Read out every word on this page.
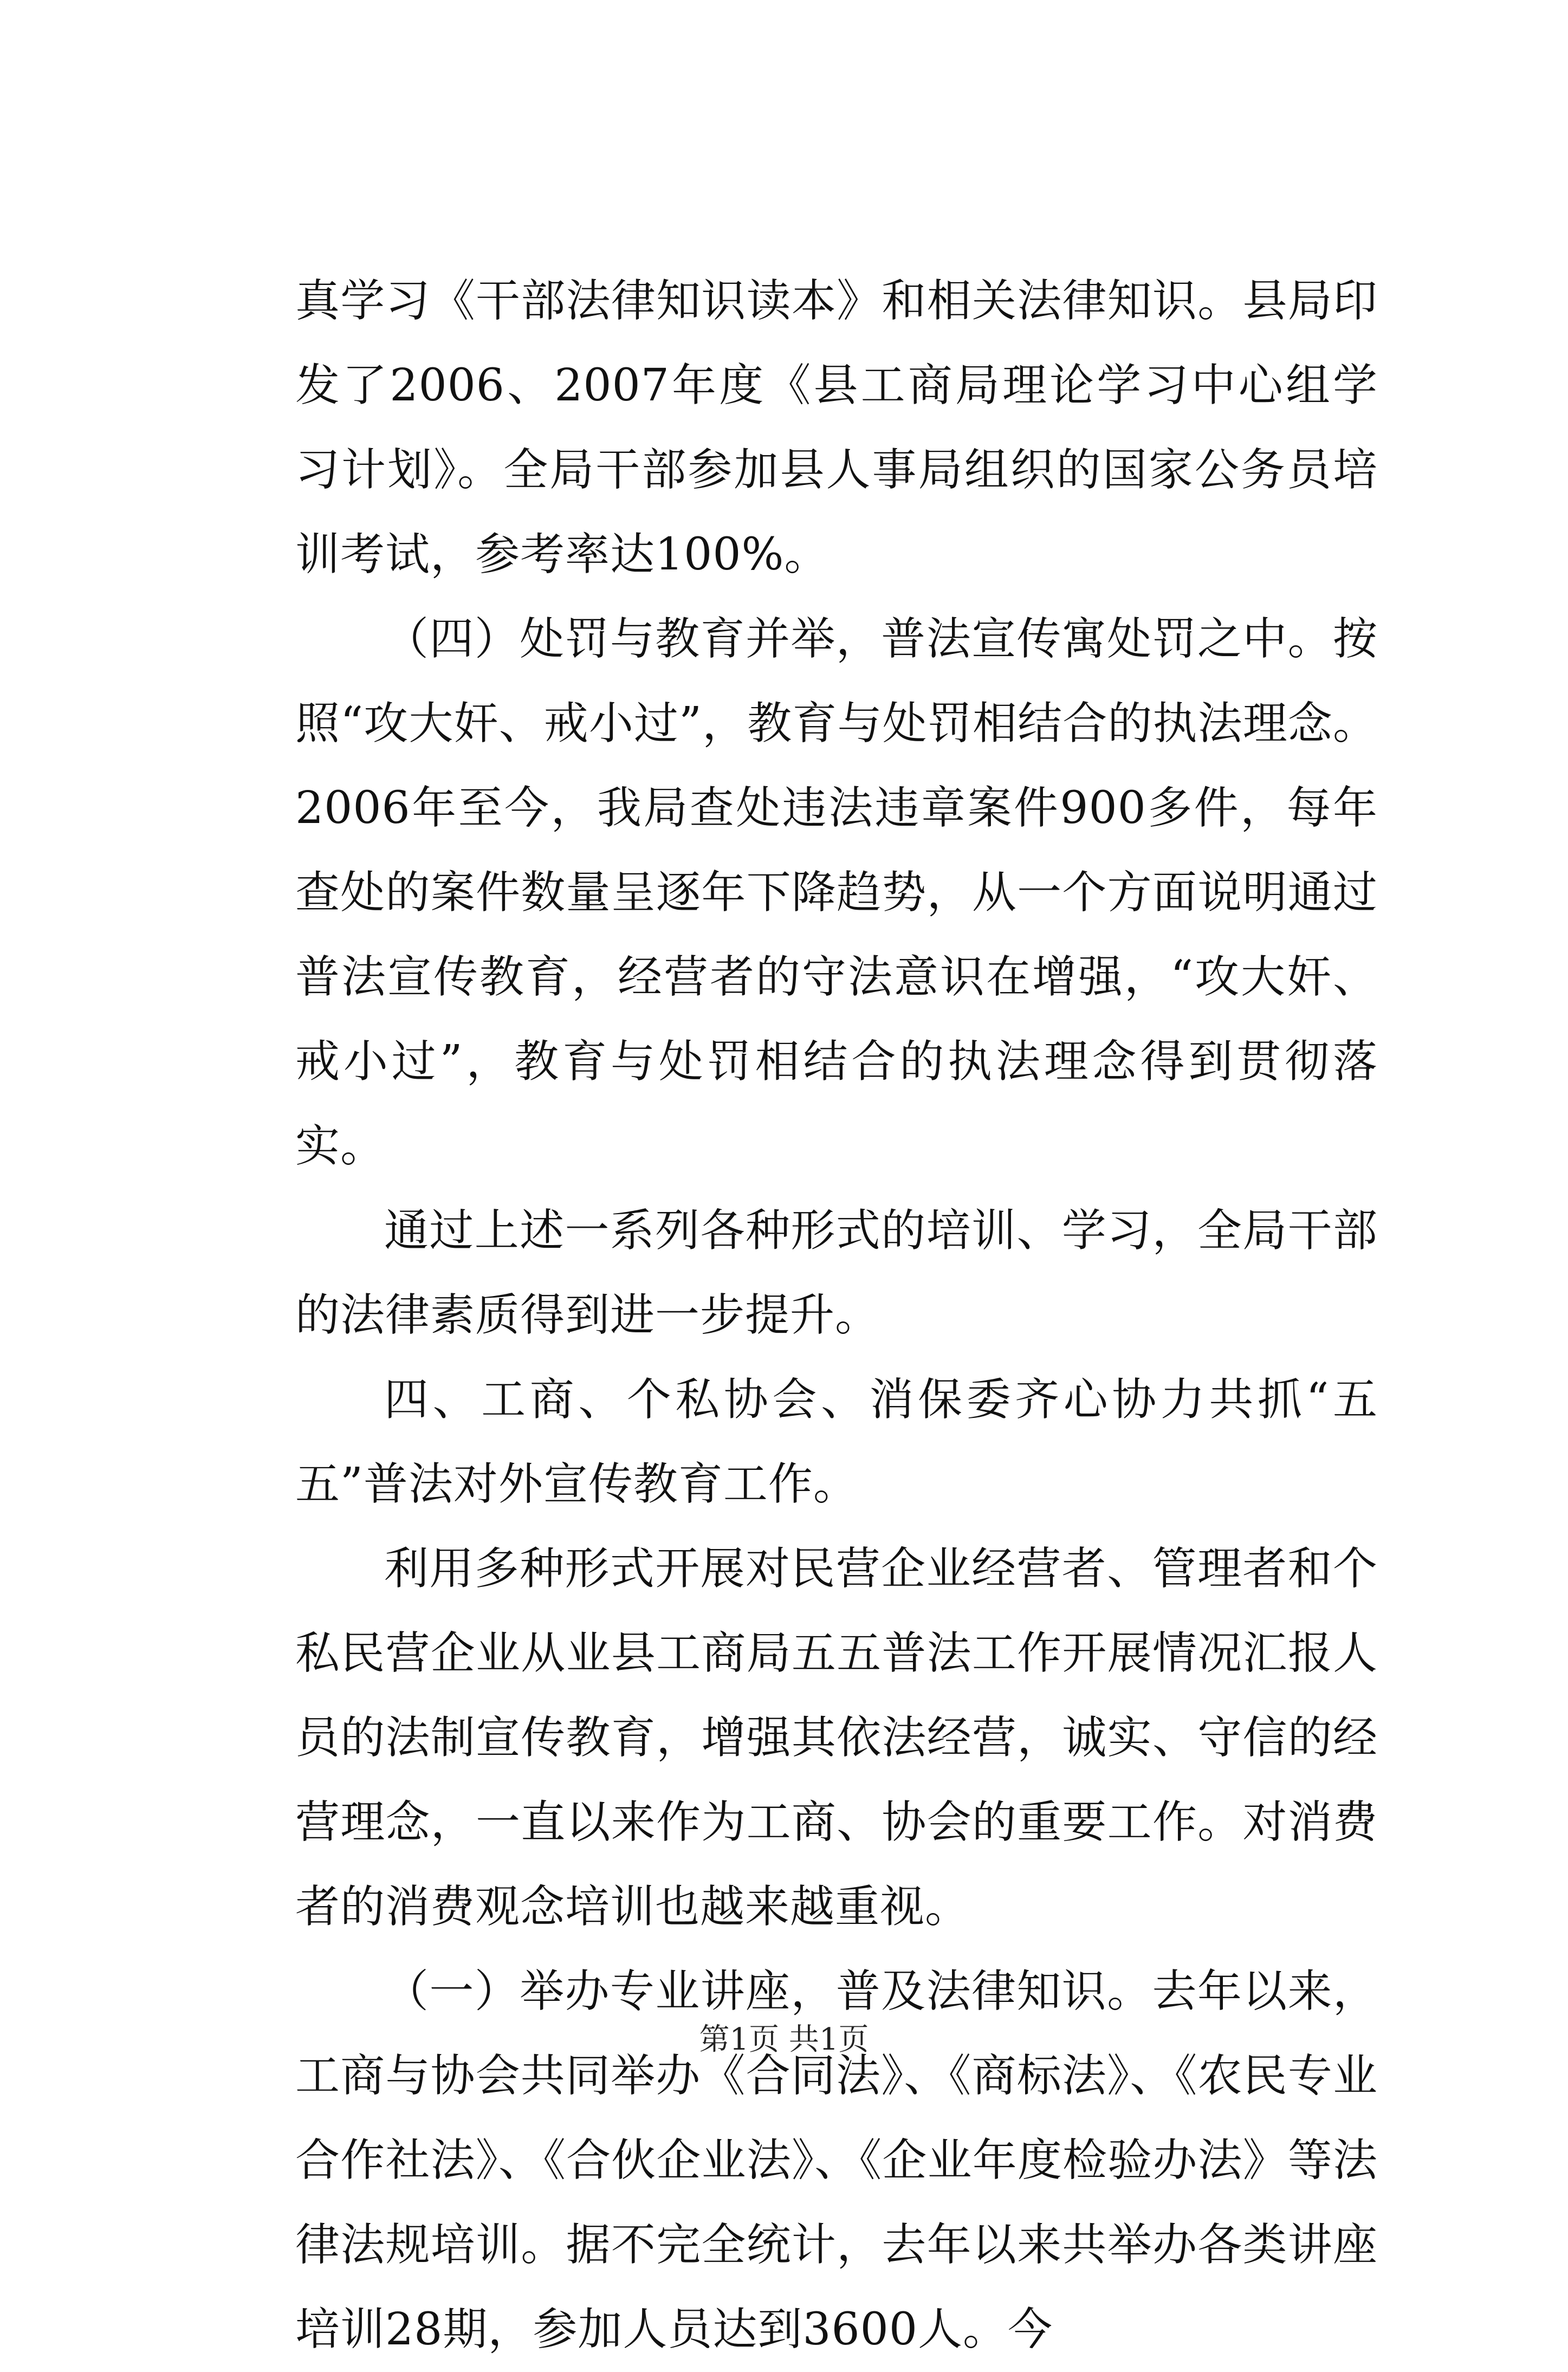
真学习《干部法律知识读本》和相关法律知识。县局印发了2006、2007年度《县工商局理论学习中心组学习计划》。全局干部参加县人事局组织的国家公务员培训考试，参考率达100%。

（四）处罚与教育并举，普法宣传寓处罚之中。按照“攻大奸、戒小过”，教育与处罚相结合的执法理念。2006年至今，我局查处违法违章案件900多件，每年查处的案件数量呈逐年下降趋势，从一个方面说明通过普法宣传教育，经营者的守法意识在增强，“攻大奸、戒小过”，教育与处罚相结合的执法理念得到贯彻落实。

通过上述一系列各种形式的培训、学习，全局干部的法律素质得到进一步提升。

四、工商、个私协会、消保委齐心协力共抓“五五”普法对外宣传教育工作。

利用多种形式开展对民营企业经营者、管理者和个私民营企业从业县工商局五五普法工作开展情况汇报人员的法制宣传教育，增强其依法经营，诚实、守信的经营理念，一直以来作为工商、协会的重要工作。对消费者的消费观念培训也越来越重视。

（一）举办专业讲座，普及法律知识。去年以来，工商与协会共同举办《合同法》、《商标法》、《农民专业合作社法》、《合伙企业法》、《企业年度检验办法》等法律法规培训。据不完全统计，去年以来共举办各类讲座培训28期，参加人员达到3600人。今

第1页 共1页
